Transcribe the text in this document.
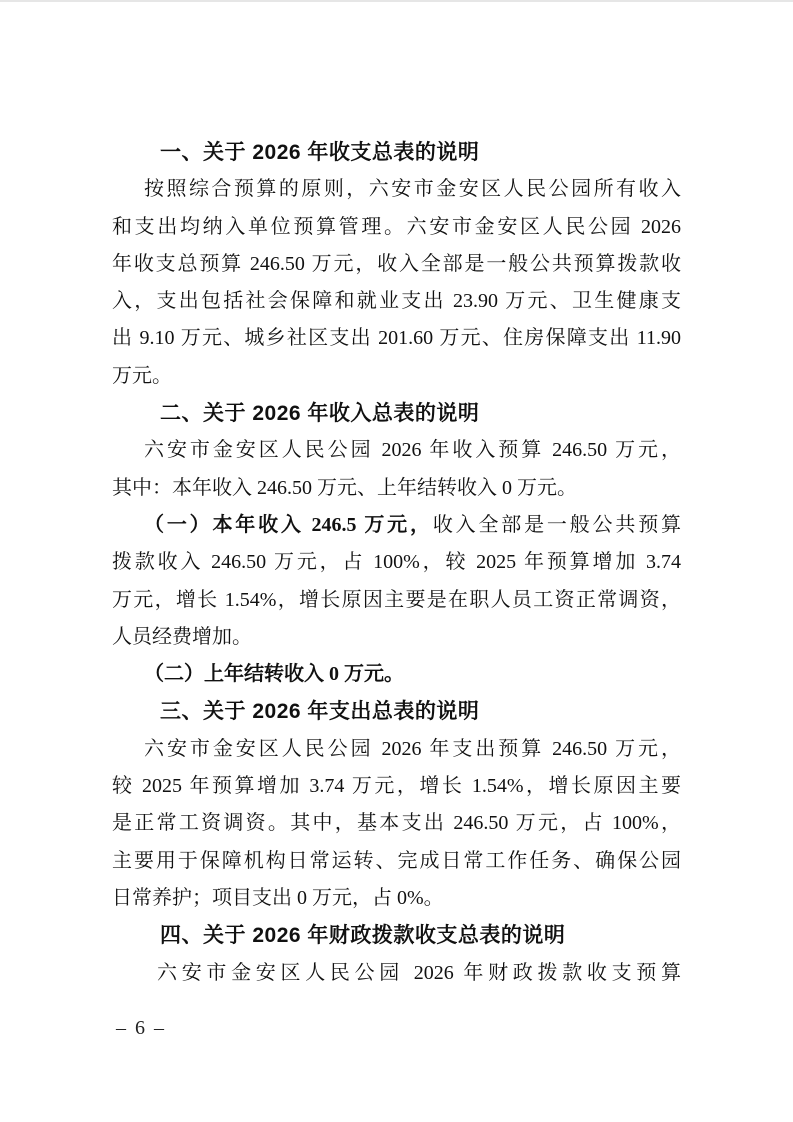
一、关于 2026 年收支总表的说明
按照综合预算的原则，六安市金安区人民公园所有收入
和支出均纳入单位预算管理。六安市金安区人民公园 2026
年收支总预算 246.50 万元，收入全部是一般公共预算拨款收
入，支出包括社会保障和就业支出 23.90 万元、卫生健康支
出 9.10 万元、城乡社区支出 201.60 万元、住房保障支出 11.90
万元。
二、关于 2026 年收入总表的说明
六安市金安区人民公园 2026 年收入预算 246.50 万元，
其中：本年收入 246.50 万元、上年结转收入 0 万元。
（一）本年收入 246.5 万元，收入全部是一般公共预算
拨款收入 246.50 万元，占 100%，较 2025 年预算增加 3.74
万元，增长 1.54%，增长原因主要是在职人员工资正常调资，
人员经费增加。
（二）上年结转收入 0 万元。
三、关于 2026 年支出总表的说明
六安市金安区人民公园 2026 年支出预算 246.50 万元，
较 2025 年预算增加 3.74 万元，增长 1.54%，增长原因主要
是正常工资调资。其中，基本支出 246.50 万元，占 100%，
主要用于保障机构日常运转、完成日常工作任务、确保公园
日常养护；项目支出 0 万元，占 0%。
四、关于 2026 年财政拨款收支总表的说明
六安市金安区人民公园 2026 年财政拨款收支预算
– 6 –
